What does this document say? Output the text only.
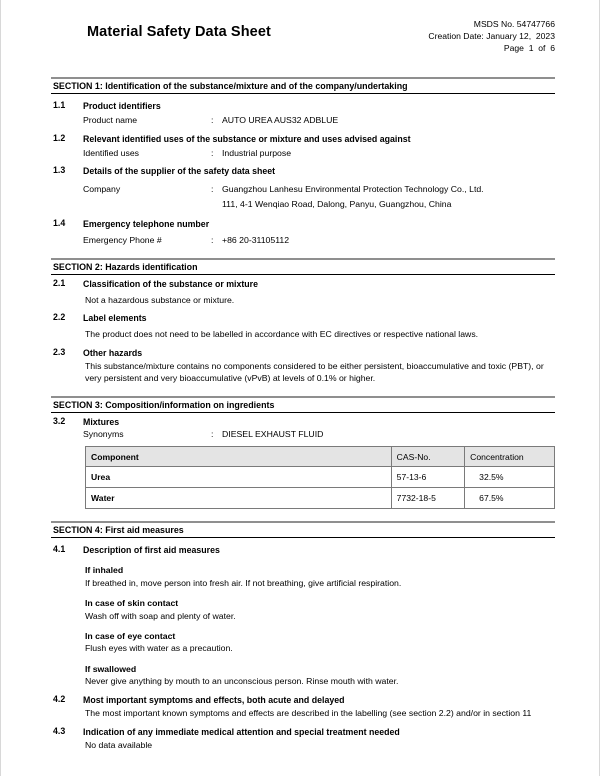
Material Safety Data Sheet	MSDS No. 54747766
Creation Date: January 12,  2023
Page  1  of  6
SECTION 1: Identification of the substance/mixture and of the company/undertaking
1.1	Product identifiers
Product name	: AUTO UREA AUS32 ADBLUE
1.2	Relevant identified uses of the substance or mixture and uses advised against
Identified uses	: Industrial purpose
1.3	Details of the supplier of the safety data sheet
Company	: Guangzhou Lanhesu Environmental Protection Technology Co., Ltd.
111, 4-1 Wenqiao Road, Dalong, Panyu, Guangzhou, China
1.4	Emergency telephone number
Emergency Phone #	: +86 20-31105112
SECTION 2: Hazards identification
2.1	Classification of the substance or mixture
Not a hazardous substance or mixture.
2.2	Label elements
The product does not need to be labelled in accordance with EC directives or respective national laws.
2.3	Other hazards
This substance/mixture contains no components considered to be either persistent, bioaccumulative and toxic (PBT), or very persistent and very bioaccumulative (vPvB) at levels of 0.1% or higher.
SECTION 3: Composition/information on ingredients
3.2	Mixtures
Synonyms	: DIESEL EXHAUST FLUID
Component	CAS-No.	Concentration
Urea	57-13-6	32.5%
Water	7732-18-5	67.5%
SECTION 4: First aid measures
4.1	Description of first aid measures
If inhaled
If breathed in, move person into fresh air. If not breathing, give artificial respiration.
In case of skin contact
Wash off with soap and plenty of water.
In case of eye contact
Flush eyes with water as a precaution.
If swallowed
Never give anything by mouth to an unconscious person. Rinse mouth with water.
4.2	Most important symptoms and effects, both acute and delayed
The most important known symptoms and effects are described in the labelling (see section 2.2) and/or in section 11
4.3	Indication of any immediate medical attention and special treatment needed
No data available
